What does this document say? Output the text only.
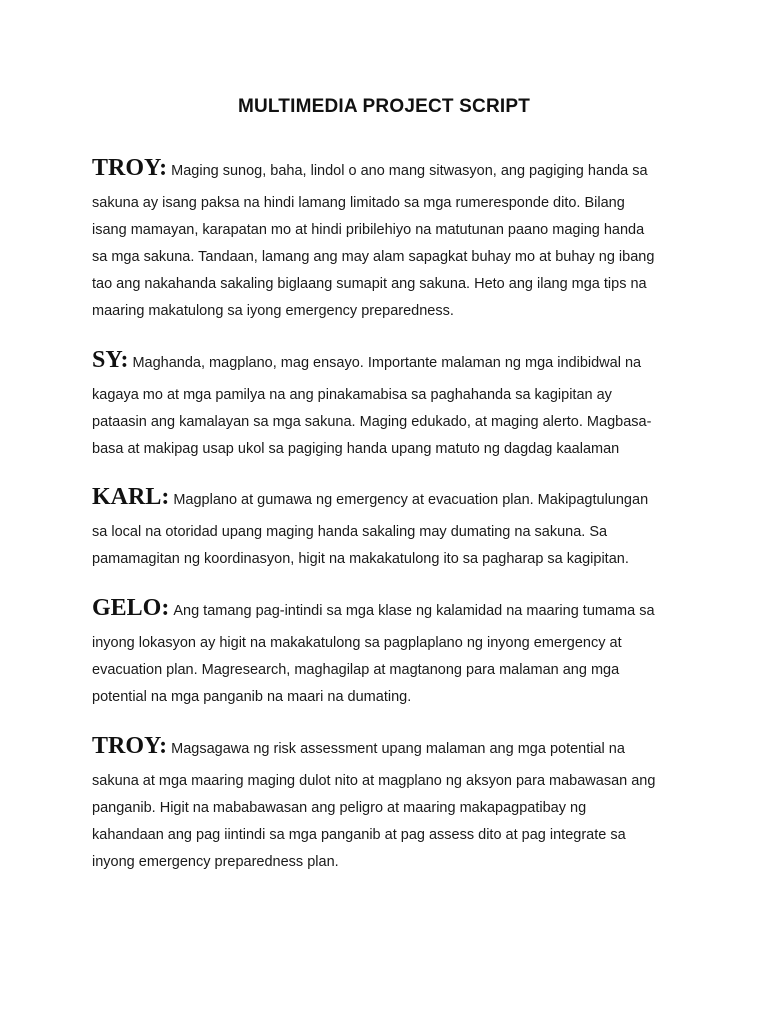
MULTIMEDIA PROJECT SCRIPT
TROY: Maging sunog, baha, lindol o ano mang sitwasyon, ang pagiging handa sa
sakuna ay isang paksa na hindi lamang limitado sa mga rumeresponde dito. Bilang
isang mamayan, karapatan mo at hindi pribilehiyo na matutunan paano maging handa
sa mga sakuna. Tandaan, lamang ang may alam sapagkat buhay mo at buhay ng ibang
tao ang nakahanda sakaling biglaang sumapit ang sakuna. Heto ang ilang mga tips na
maaring makatulong sa iyong emergency preparedness.
SY: Maghanda, magplano, mag ensayo. Importante malaman ng mga indibidwal na
kagaya mo at mga pamilya na ang pinakamabisa sa paghahanda sa kagipitan ay
pataasin ang kamalayan sa mga sakuna. Maging edukado, at maging alerto. Magbasa-
basa at makipag usap ukol sa pagiging handa upang matuto ng dagdag kaalaman
KARL: Magplano at gumawa ng emergency at evacuation plan. Makipagtulungan
sa local na otoridad upang maging handa sakaling may dumating na sakuna. Sa
pamamagitan ng koordinasyon, higit na makakatulong ito sa pagharap sa kagipitan.
GELO: Ang tamang pag-intindi sa mga klase ng kalamidad na maaring tumama sa
inyong lokasyon ay higit na makakatulong sa pagplaplano ng inyong emergency at
evacuation plan. Magresearch, maghagilap at magtanong para malaman ang mga
potential na mga panganib na maari na dumating.
TROY: Magsagawa ng risk assessment upang malaman ang mga potential na
sakuna at mga maaring maging dulot nito at magplano ng aksyon para mabawasan ang
panganib. Higit na mababawasan ang peligro at maaring makapagpatibay ng
kahandaan ang pag iintindi sa mga panganib at pag assess dito at pag integrate sa
inyong emergency preparedness plan.
